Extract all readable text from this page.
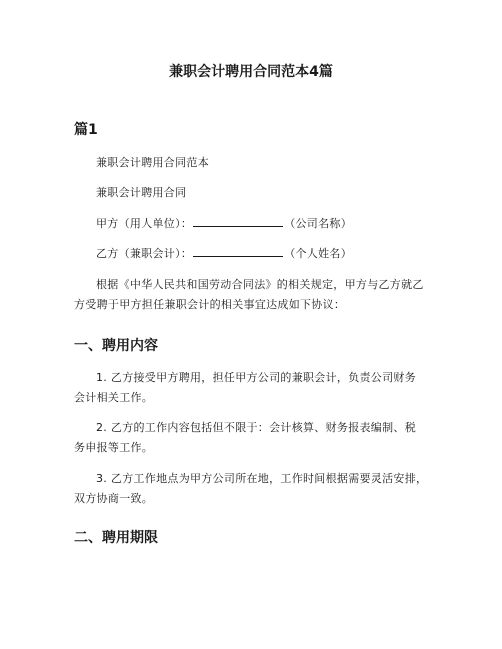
兼职会计聘用合同范本4篇
篇1
兼职会计聘用合同范本
兼职会计聘用合同
甲方（用人单位）：	（公司名称）
乙方（兼职会计）：	（个人姓名）
根据《中华人民共和国劳动合同法》的相关规定，甲方与乙方就乙
方受聘于甲方担任兼职会计的相关事宜达成如下协议：
一、聘用内容
1. 乙方接受甲方聘用，担任甲方公司的兼职会计，负责公司财务
会计相关工作。
2. 乙方的工作内容包括但不限于：会计核算、财务报表编制、税
务申报等工作。
3. 乙方工作地点为甲方公司所在地，工作时间根据需要灵活安排，
双方协商一致。
二、聘用期限
